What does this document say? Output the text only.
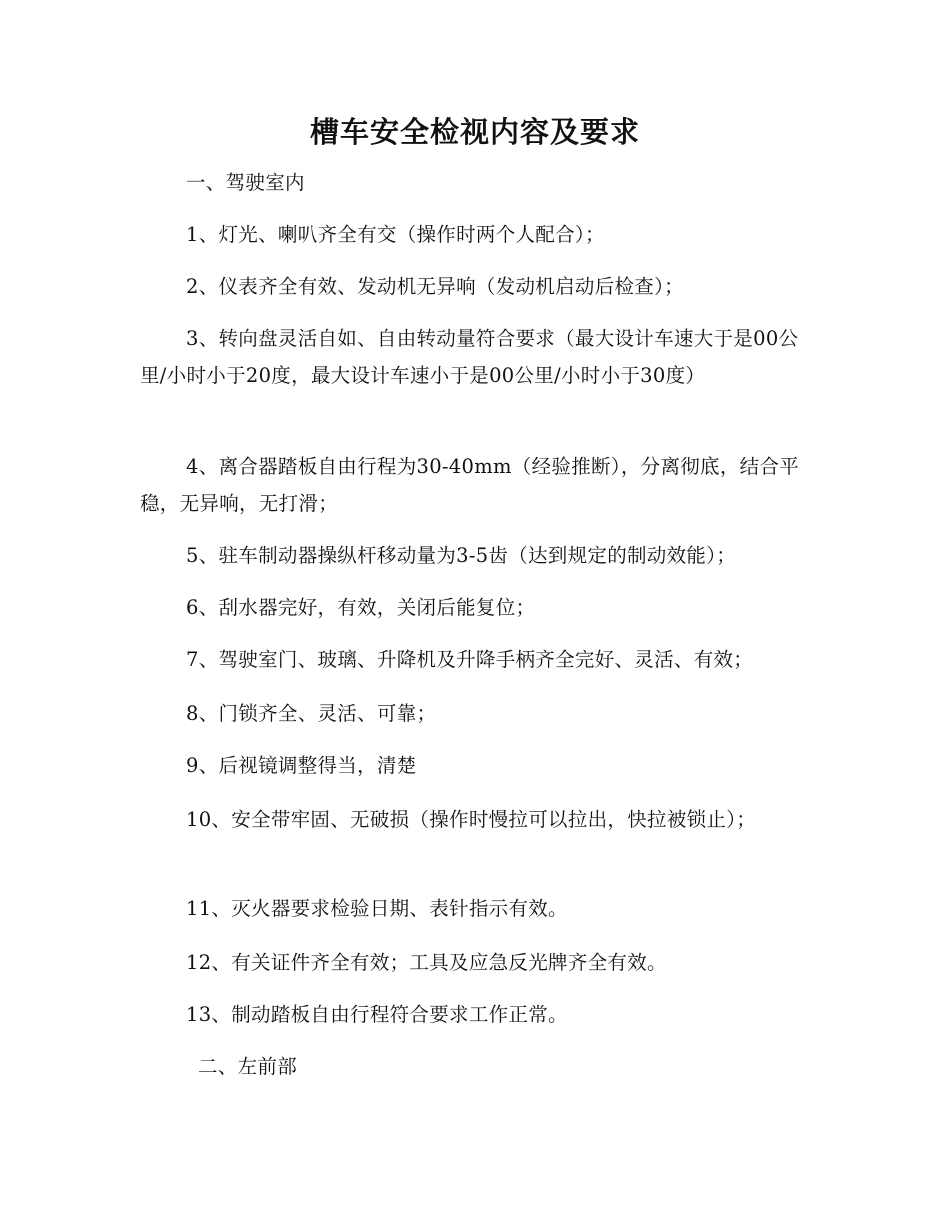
槽车安全检视内容及要求

一、驾驶室内

1、灯光、喇叭齐全有交（操作时两个人配合）；

2、仪表齐全有效、发动机无异响（发动机启动后检查）；

3、转向盘灵活自如、自由转动量符合要求（最大设计车速大于是00公里/小时小于20度，最大设计车速小于是00公里/小时小于30度）

4、离合器踏板自由行程为30-40mm（经验推断），分离彻底，结合平稳，无异响，无打滑；

5、驻车制动器操纵杆移动量为3-5齿（达到规定的制动效能）；

6、刮水器完好，有效，关闭后能复位；

7、驾驶室门、玻璃、升降机及升降手柄齐全完好、灵活、有效；

8、门锁齐全、灵活、可靠；

9、后视镜调整得当，清楚

10、安全带牢固、无破损（操作时慢拉可以拉出，快拉被锁止）；

11、灭火器要求检验日期、表针指示有效。

12、有关证件齐全有效；工具及应急反光牌齐全有效。

13、制动踏板自由行程符合要求工作正常。

二、左前部
